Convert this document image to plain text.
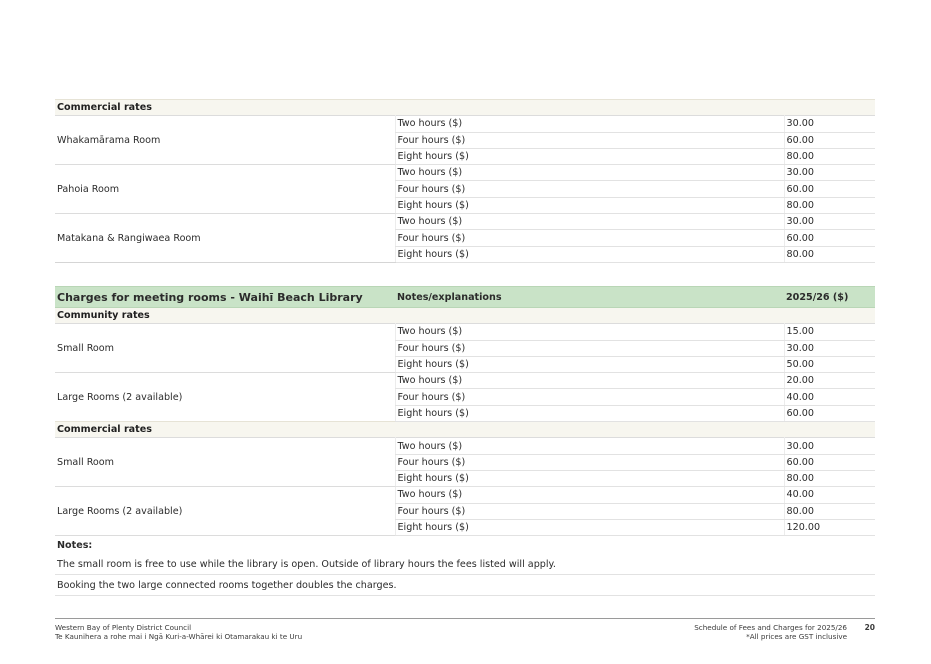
Commercial rates		
Whakamārama Room	Two hours ($)	30.00
	Four hours ($)	60.00
	Eight hours ($)	80.00
Pahoia Room	Two hours ($)	30.00
	Four hours ($)	60.00
	Eight hours ($)	80.00
Matakana & Rangiwaea Room	Two hours ($)	30.00
	Four hours ($)	60.00
	Eight hours ($)	80.00
Charges for meeting rooms - Waihī Beach Library	Notes/explanations	2025/26 ($)
Community rates		
Small Room	Two hours ($)	15.00
	Four hours ($)	30.00
	Eight hours ($)	50.00
Large Rooms (2 available)	Two hours ($)	20.00
	Four hours ($)	40.00
	Eight hours ($)	60.00
Commercial rates		
Small Room	Two hours ($)	30.00
	Four hours ($)	60.00
	Eight hours ($)	80.00
Large Rooms (2 available)	Two hours ($)	40.00
	Four hours ($)	80.00
	Eight hours ($)	120.00
Notes:		
The small room is free to use while the library is open. Outside of library hours the fees listed will apply.		
Booking the two large connected rooms together doubles the charges.		
Western Bay of Plenty District Council
Te Kaunihera a rohe mai i Ngā Kuri-a-Whārei ki Otamarakau ki te Uru
Schedule of Fees and Charges for 2025/26
*All prices are GST inclusive
20
